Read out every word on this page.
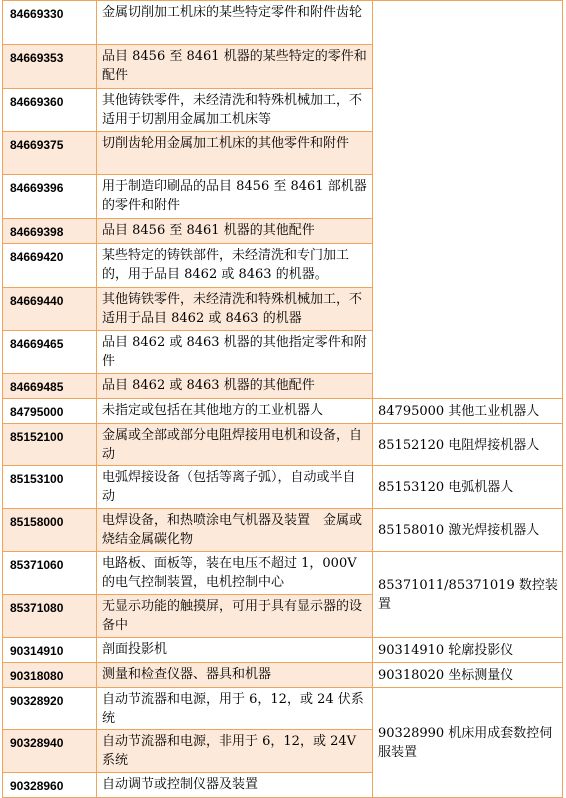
84669330	金属切削加工机床的某些特定零件和附件齿轮	
84669353	品目 8456 至 8461 机器的某些特定的零件和配件	
84669360	其他铸铁零件，未经清洗和特殊机械加工，不适用于切割用金属加工机床等	
84669375	切削齿轮用金属加工机床的其他零件和附件	
84669396	用于制造印刷品的品目 8456 至 8461 部机器的零件和附件	
84669398	品目 8456 至 8461 机器的其他配件	
84669420	某些特定的铸铁部件，未经清洗和专门加工的，用于品目 8462 或 8463 的机器。	
84669440	其他铸铁零件，未经清洗和特殊机械加工，不适用于品目 8462 或 8463 的机器	
84669465	品目 8462 或 8463 机器的其他指定零件和附件	
84669485	品目 8462 或 8463 机器的其他配件	
84795000	未指定或包括在其他地方的工业机器人	84795000 其他工业机器人
85152100	金属或全部或部分电阻焊接用电机和设备，自动	85152120 电阻焊接机器人
85153100	电弧焊接设备（包括等离子弧），自动或半自动	85153120 电弧机器人
85158000	电焊设备，和热喷涂电气机器及装置　金属或烧结金属碳化物	85158010 激光焊接机器人
85371060	电路板、面板等，装在电压不超过 1，000V 的电气控制装置，电机控制中心	85371011/85371019 数控装置
85371080	无显示功能的触摸屏，可用于具有显示器的设备中	
90314910	剖面投影机	90314910 轮廓投影仪
90318080	测量和检查仪器、器具和机器	90318020 坐标测量仪
90328920	自动节流器和电源，用于 6，12，或 24 伏系统	90328990 机床用成套数控伺服装置
90328940	自动节流器和电源，非用于 6，12，或 24V 系统	
90328960	自动调节或控制仪器及装置	
